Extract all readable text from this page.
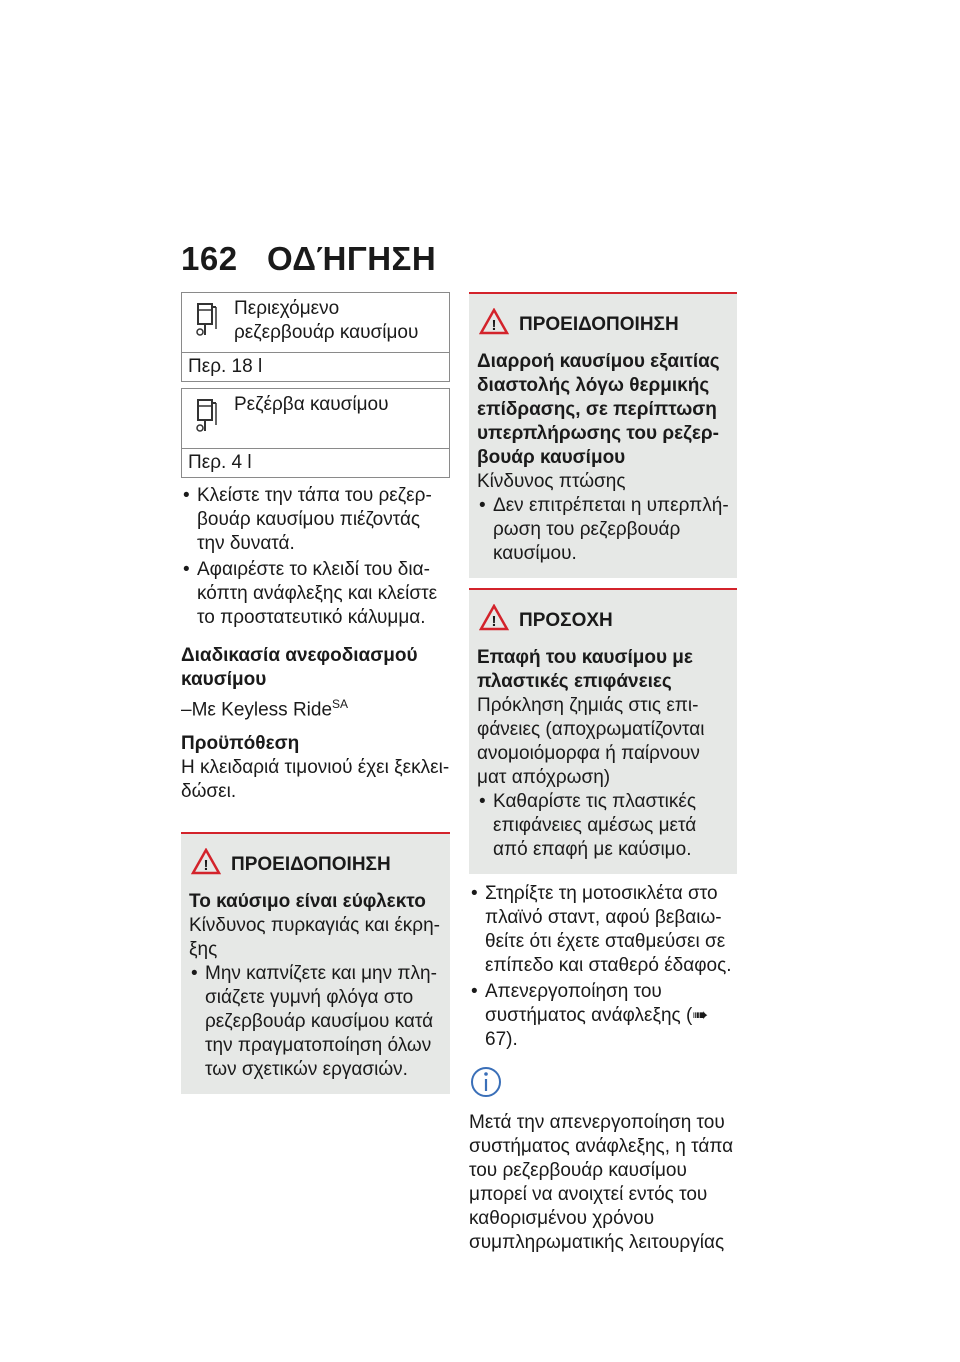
162 ΟΔΉΓΗΣΗ
Περιεχόμενο ρεζερβουάρ καυσίμου
Περ. 18 l
Ρεζέρβα καυσίμου
Περ. 4 l
• Κλείστε την τάπα του ρεζερβουάρ καυσίμου πιέζοντάς την δυνατά.
• Αφαιρέστε το κλειδί του διακόπτη ανάφλεξης και κλείστε το προστατευτικό κάλυμμα.
Διαδικασία ανεφοδιασμού καυσίμου

–Με Keyless Ride$^{SA}$

Προϋπόθεση

Η κλειδαριά τιμονιού έχει ξεκλειδώσει.

! ΠΡΟΕΙΔΟΠΟΙΗΣΗ
Το καύσιμο είναι εύφλεκτο

Κίνδυνος πυρκαγιάς και έκρηξης

• Μην καπνίζετε και μην πλησιάζετε γυμνή φλόγα στο ρεζερβουάρ καυσίμου κατά την πραγματοποίηση όλων των σχετικών εργασιών.
! ΠΡΟΕΙΔΟΠΟΙΗΣΗ
Διαρροή καυσίμου εξαιτίας διαστολής λόγω θερμικής επίδρασης, σε περίπτωση υπερπλήρωσης του ρεζερβουάρ καυσίμου

Κίνδυνος πτώσης

• Δεν επιτρέπεται η υπερπλήρωση του ρεζερβουάρ καυσίμου.
! ΠΡΟΣΟΧΗ
Επαφή του καυσίμου με πλαστικές επιφάνειες

Πρόκληση ζημιάς στις επιφάνειες (αποχρωματίζονται ανομοιόμορφα ή παίρνουν ματ απόχρωση)

• Καθαρίστε τις πλαστικές επιφάνειες αμέσως μετά από επαφή με καύσιμο.
• Στηρίξτε τη μοτοσικλέτα στο πλαϊνό σταντ, αφού βεβαιωθείτε ότι έχετε σταθμεύσει σε επίπεδο και σταθερό έδαφος.
• Απενεργοποίηση του συστήματος ανάφλεξης (➠ 67).

Μετά την απενεργοποίηση του συστήματος ανάφλεξης, η τάπα του ρεζερβουάρ καυσίμου μπορεί να ανοιχτεί εντός του καθορισμένου χρόνου συμπληρωματικής λειτουργίας
